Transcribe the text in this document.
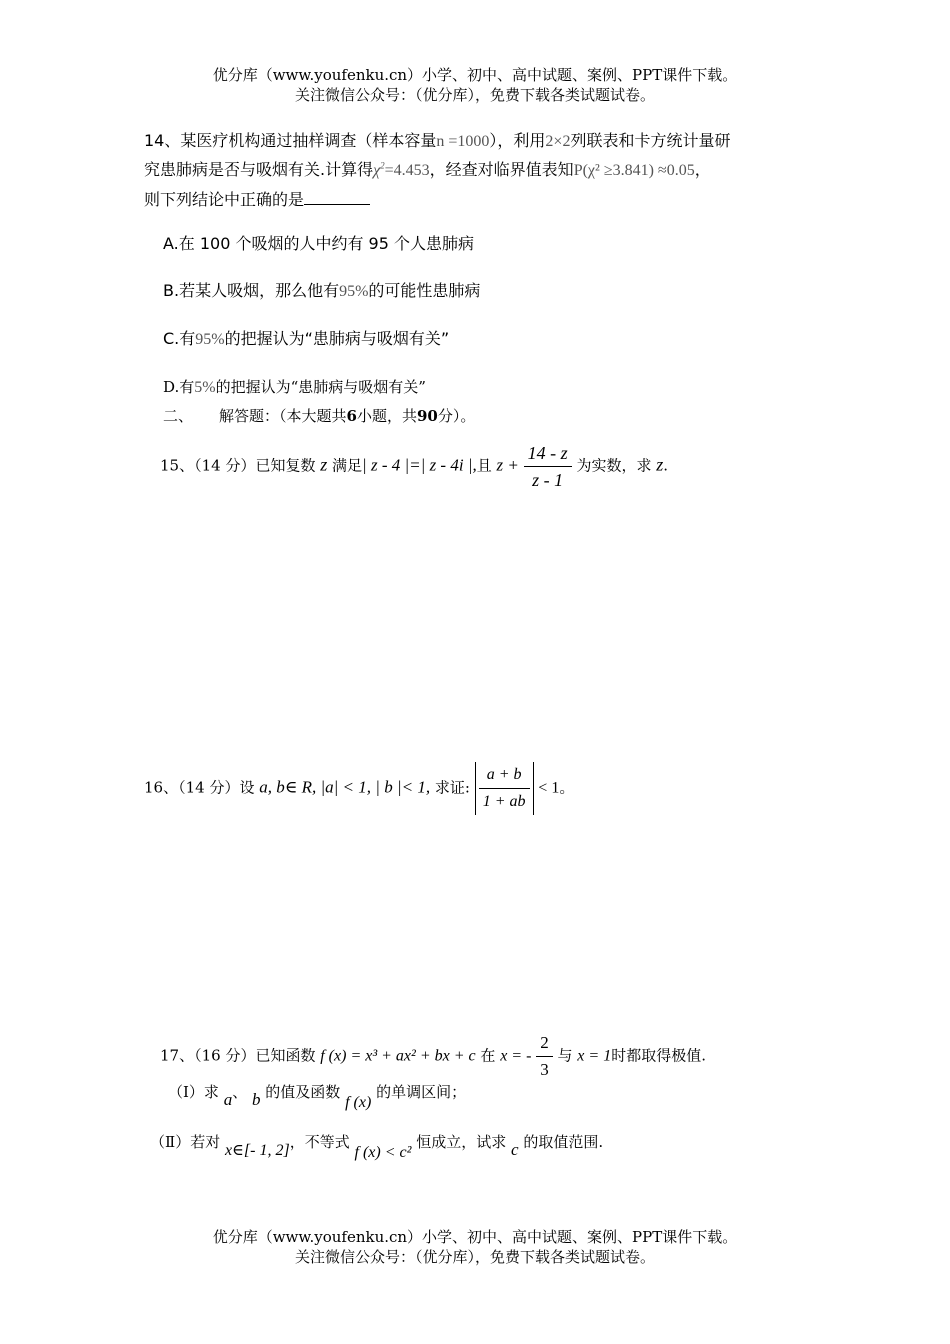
优分库（www.youfenku.cn）小学、初中、高中试题、案例、PPT课件下载。
关注微信公众号：（优分库），免费下载各类试题试卷。
14、某医疗机构通过抽样调查（样本容量n =1000），利用2×2列联表和卡方统计量研
究患肺病是否与吸烟有关.计算得$\chi^2=4.453$，经查对临界值表知P(χ² ≥3.841) ≈0.05，
则下列结论中正确的是
A.在 100 个吸烟的人中约有 95 个人患肺病
B.若某人吸烟，那么他有95%的可能性患肺病
C.有95%的把握认为“患肺病与吸烟有关”
D.有5%的把握认为“患肺病与吸烟有关”
二、 解答题：（本大题共6小题，共90分）。
15、（14 分）已知复数 z 满足| z - 4 |=| z - 4i |,且 $z + \frac{14 - z}{z - 1}$ 为实数，求 z.
16、（14 分）设 a, b∈ R, |a| < 1, | b |< 1, 求证: $\frac{a + b}{1 + ab} < 1$。
17、（16 分）已知函数 f (x) = x³ + ax² + bx + c 在 x = - $\frac{2}{3}$ 与 x = 1时都取得极值.
（Ⅰ）求 a、 b 的值及函数 f (x) 的单调区间；
（Ⅱ）若对 x∈[- 1, 2]，不等式 f (x) < c² 恒成立，试求 c 的取值范围.
优分库（www.youfenku.cn）小学、初中、高中试题、案例、PPT课件下载。
关注微信公众号：（优分库），免费下载各类试题试卷。
